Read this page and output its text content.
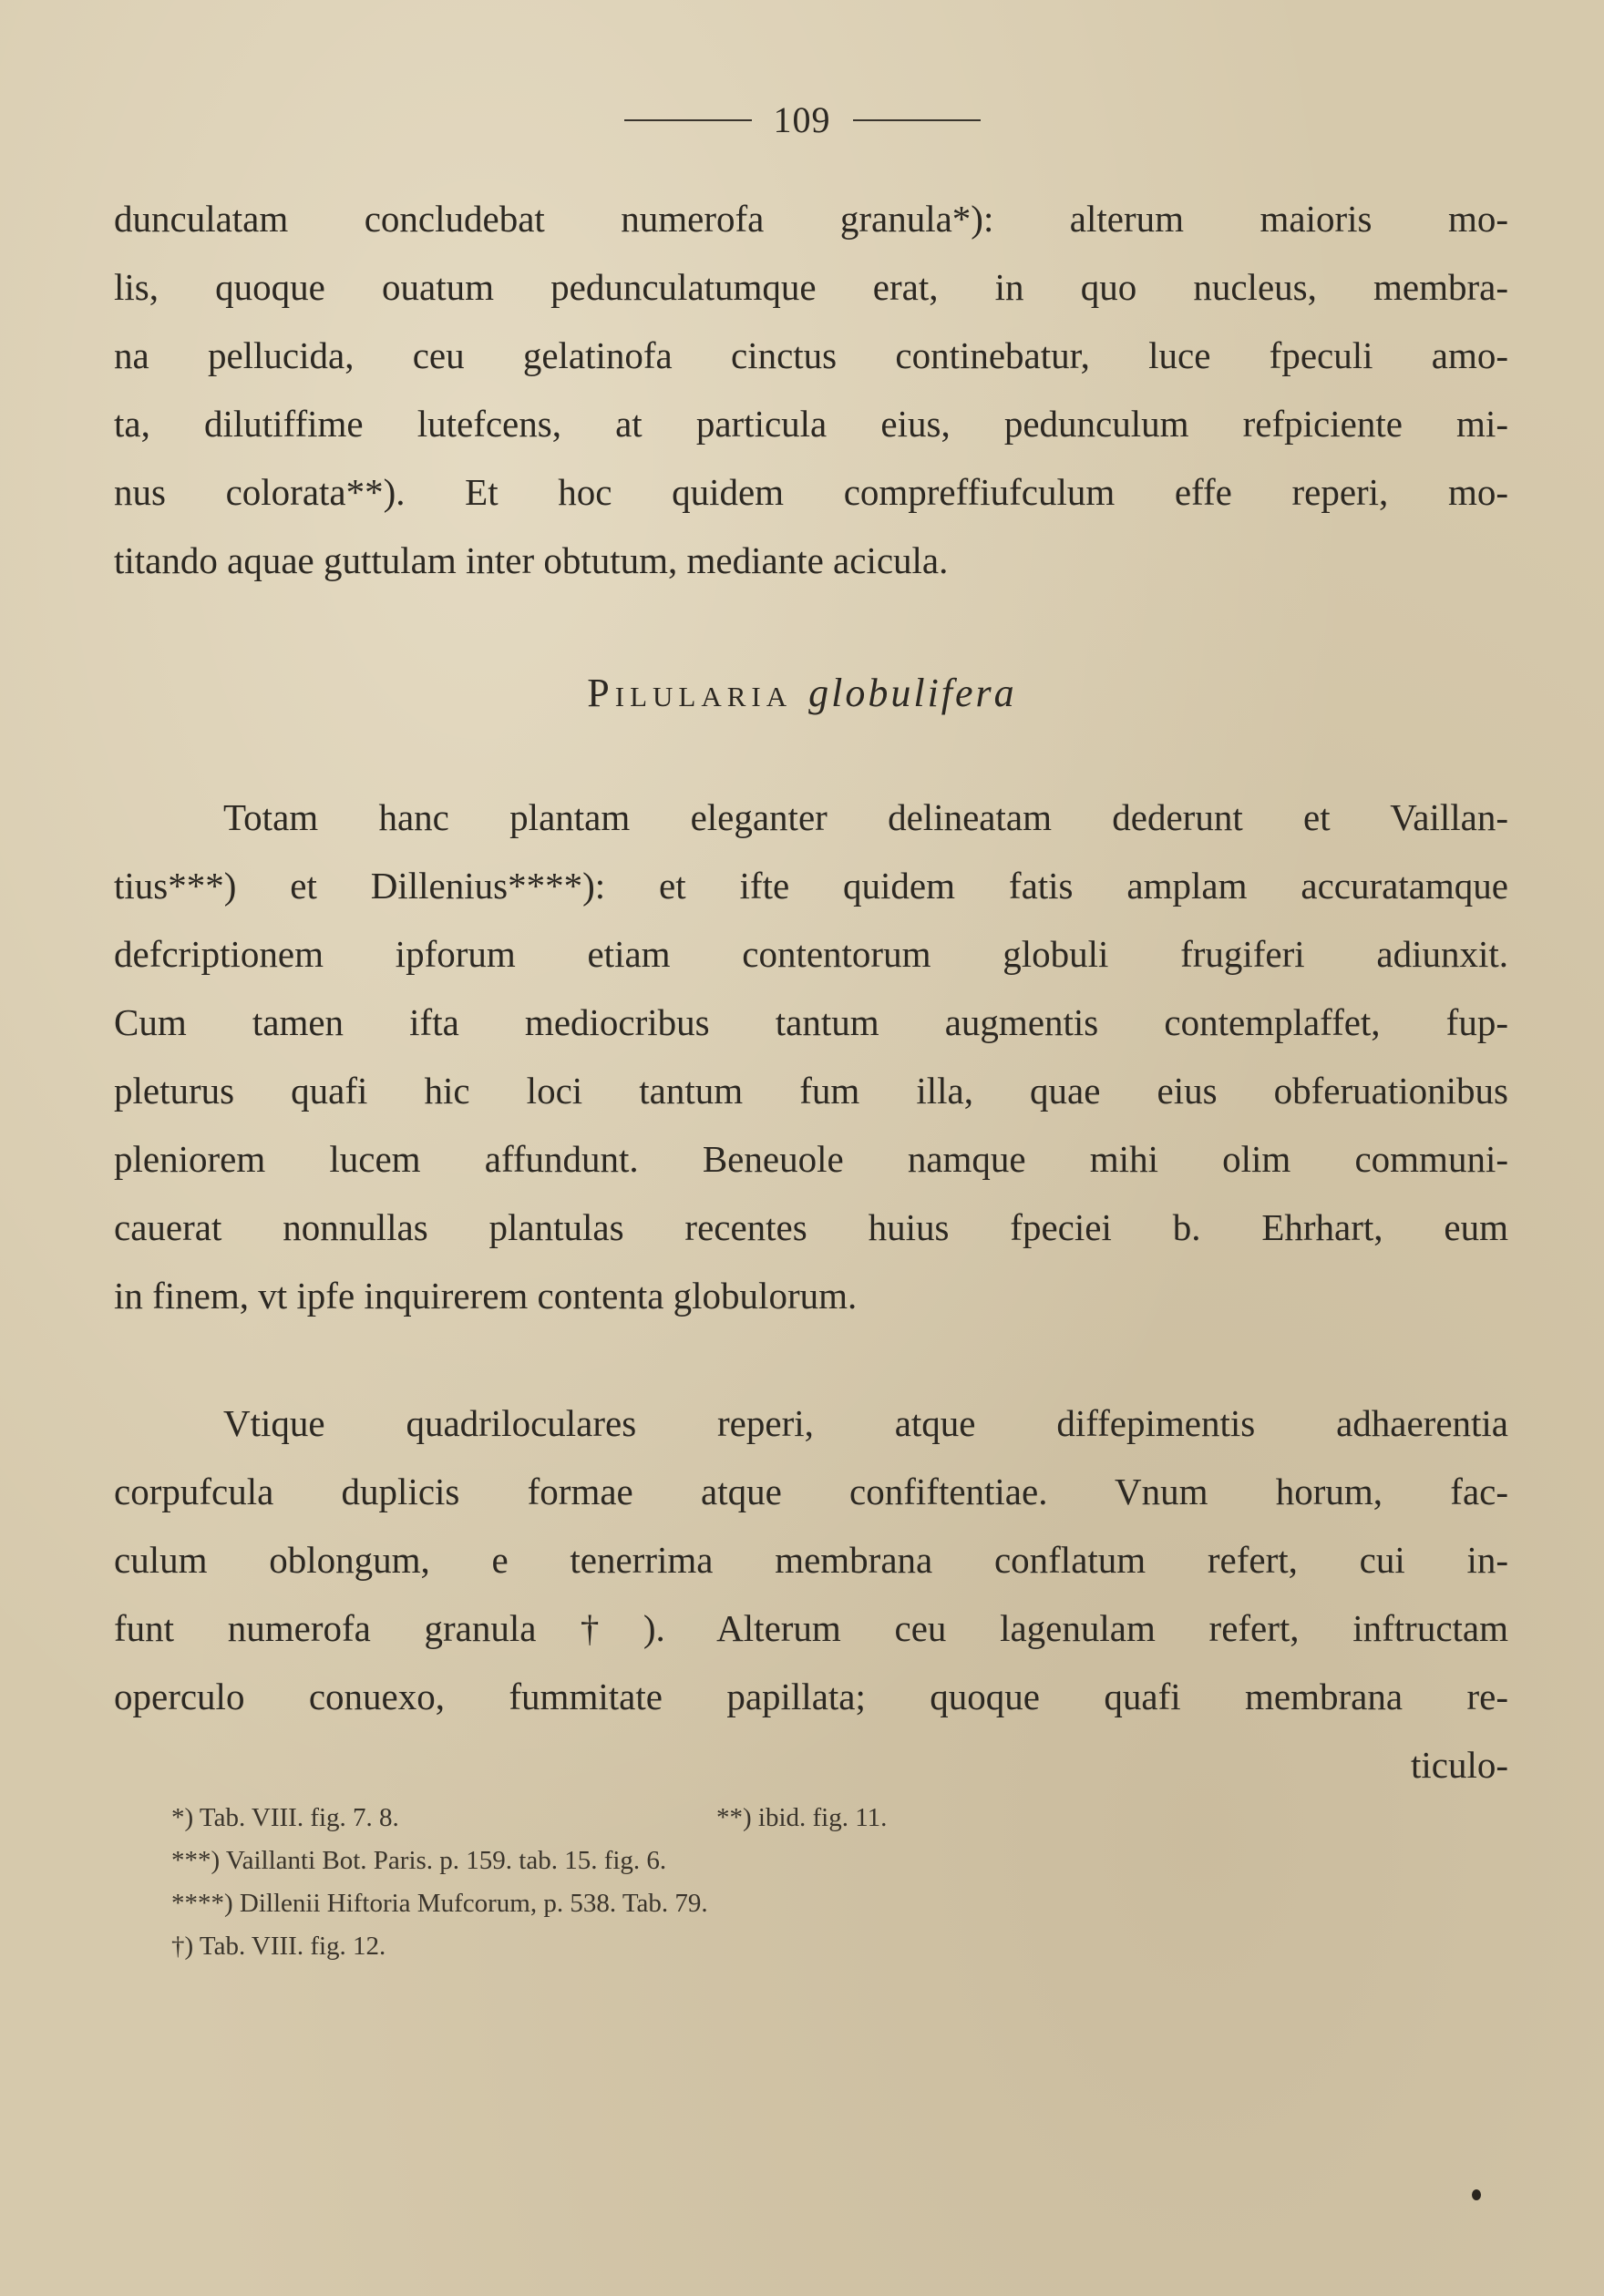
109
dunculatam concludebat numerofa granula*): alterum maioris mo-
lis, quoque ouatum pedunculatumque erat, in quo nucleus, membra-
na pellucida, ceu gelatinofa cinctus continebatur, luce fpeculi amo-
ta, dilutiffime lutefcens, at particula eius, pedunculum refpiciente mi-
nus colorata**). Et hoc quidem compreffiufculum effe reperi, mo-
titando aquae guttulam inter obtutum, mediante acicula.
Pilularia globulifera
Totam hanc plantam eleganter delineatam dederunt et Vaillan-
tius***) et Dillenius****): et ifte quidem fatis amplam accuratamque
defcriptionem ipforum etiam contentorum globuli frugiferi adiunxit.
Cum tamen ifta mediocribus tantum augmentis contemplaffet, fup-
pleturus quafi hic loci tantum fum illa, quae eius obferuationibus
pleniorem lucem affundunt. Beneuole namque mihi olim communi-
cauerat nonnullas plantulas recentes huius fpeciei b. Ehrhart, eum
in finem, vt ipfe inquirerem contenta globulorum.
Vtique quadriloculares reperi, atque diffepimentis adhaerentia
corpufcula duplicis formae atque confiftentiae. Vnum horum, fac-
culum oblongum, e tenerrima membrana conflatum refert, cui in-
funt numerofa granula†). Alterum ceu lagenulam refert, inftructam
operculo conuexo, fummitate papillata; quoque quafi membrana re-
ticulo-
*) Tab. VIII. fig. 7. 8.	**) ibid. fig. 11.
***) Vaillanti Bot. Paris. p. 159. tab. 15. fig. 6.
****) Dillenii Hiftoria Mufcorum, p. 538. Tab. 79.
†) Tab. VIII. fig. 12.
